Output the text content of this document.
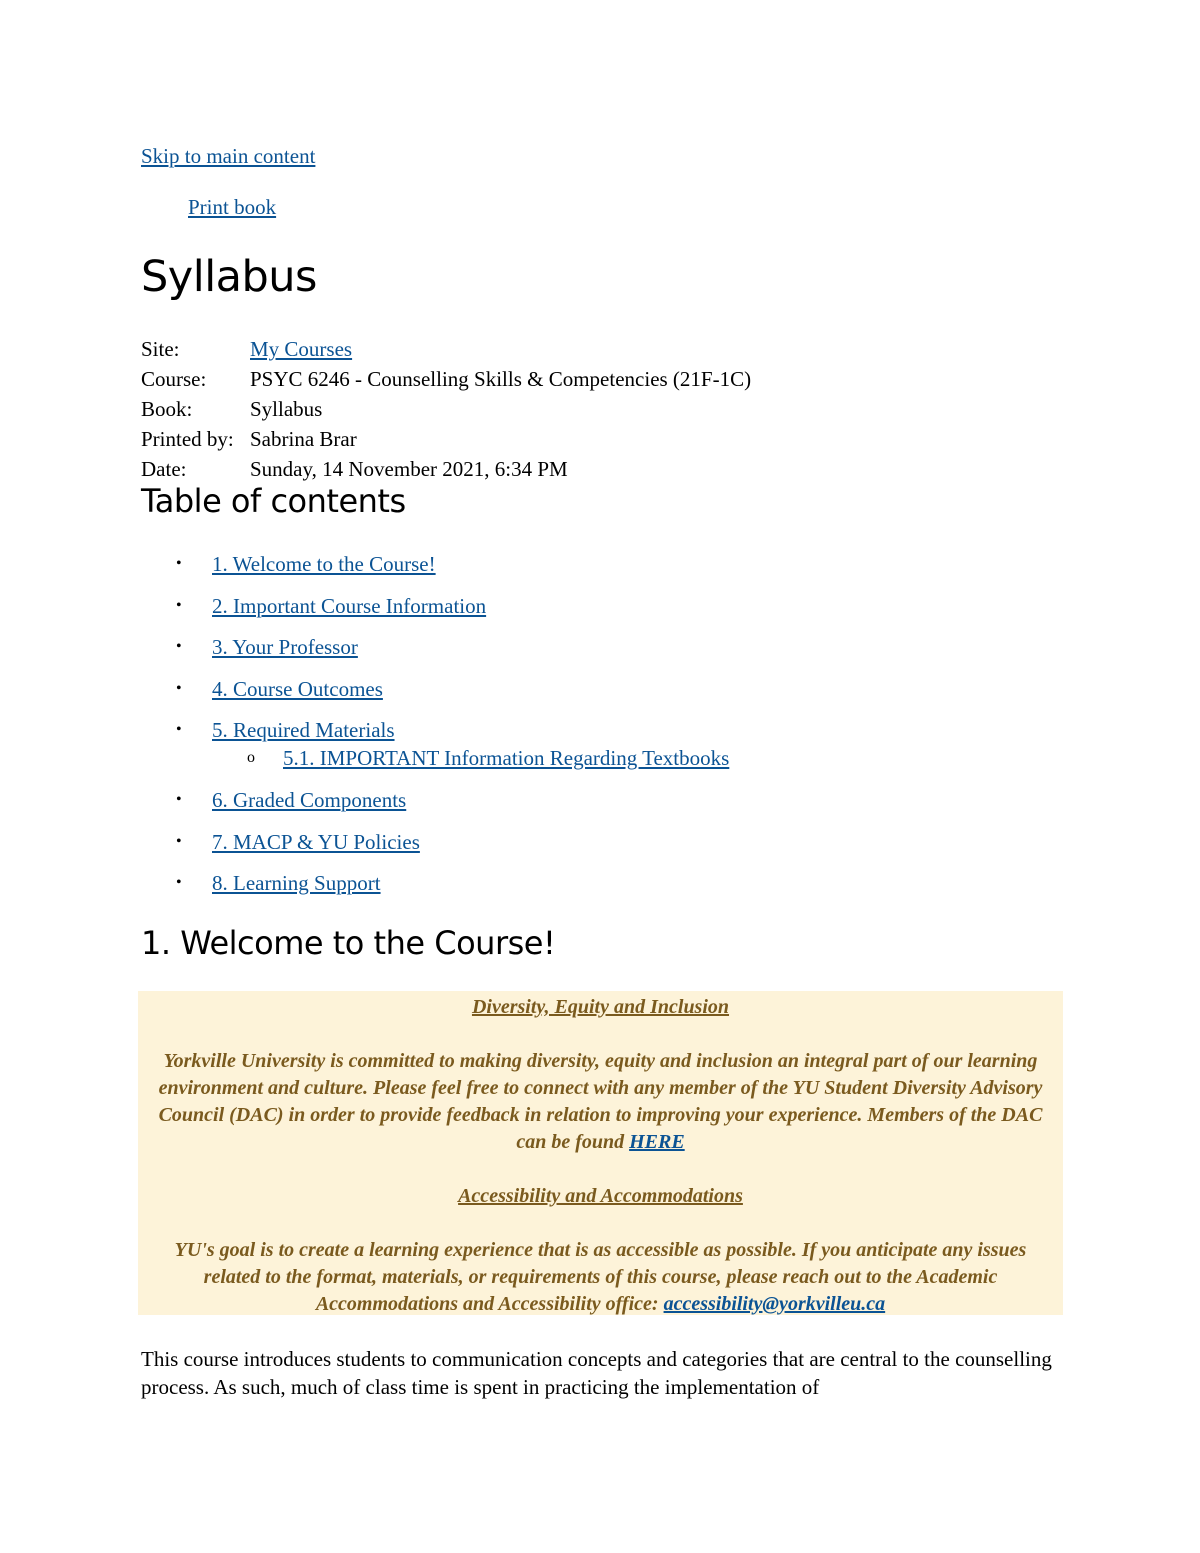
Skip to main content
Print book
Syllabus
Site:	My Courses
Course:	PSYC 6246 - Counselling Skills & Competencies (21F-1C)
Book:	Syllabus
Printed by: Sabrina Brar
Date:	Sunday, 14 November 2021, 6:34 PM
Table of contents
• 1. Welcome to the Course!
• 2. Important Course Information
• 3. Your Professor
• 4. Course Outcomes
• 5. Required Materials
o 5.1. IMPORTANT Information Regarding Textbooks
• 6. Graded Components
• 7. MACP & YU Policies
• 8. Learning Support
1. Welcome to the Course!

Diversity, Equity and Inclusion

Yorkville University is committed to making diversity, equity and inclusion an integral part of our learning environment and culture. Please feel free to connect with any member of the YU Student Diversity Advisory Council (DAC) in order to provide feedback in relation to improving your experience. Members of the DAC can be found HERE

Accessibility and Accommodations

YU's goal is to create a learning experience that is as accessible as possible. If you anticipate any issues related to the format, materials, or requirements of this course, please reach out to the Academic Accommodations and Accessibility office: accessibility@yorkvilleu.ca

This course introduces students to communication concepts and categories that are central to the counselling process. As such, much of class time is spent in practicing the implementation of
